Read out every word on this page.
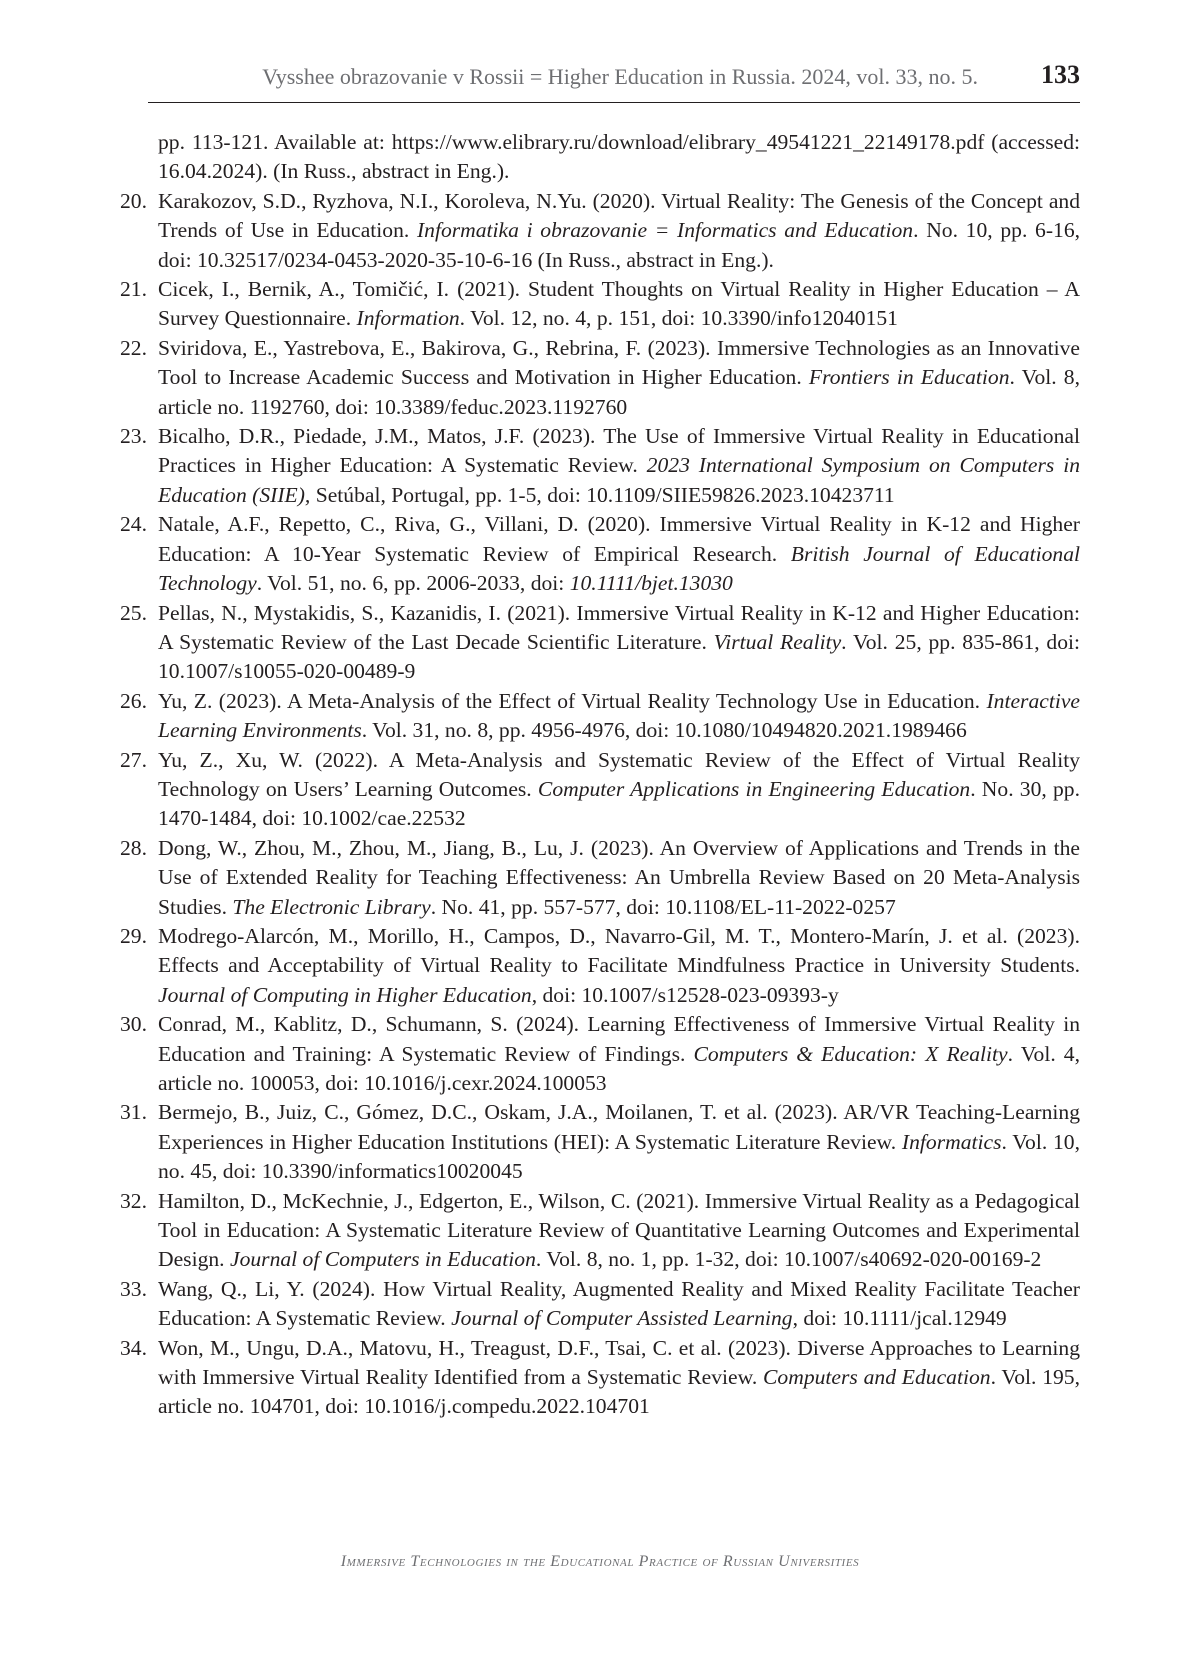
Vysshee obrazovanie v Rossii = Higher Education in Russia. 2024, vol. 33, no. 5. 133

pp. 113-121. Available at: https://www.elibrary.ru/download/elibrary_49541221_22149178.pdf (accessed: 16.04.2024). (In Russ., abstract in Eng.).

20. Karakozov, S.D., Ryzhova, N.I., Koroleva, N.Yu. (2020). Virtual Reality: The Genesis of the Concept and Trends of Use in Education. Informatika i obrazovanie = Informatics and Education. No. 10, pp. 6-16, doi: 10.32517/0234-0453-2020-35-10-6-16 (In Russ., abstract in Eng.).
21. Cicek, I., Bernik, A., Tomičić, I. (2021). Student Thoughts on Virtual Reality in Higher Education – A Survey Questionnaire. Information. Vol. 12, no. 4, p. 151, doi: 10.3390/info12040151
22. Sviridova, E., Yastrebova, E., Bakirova, G., Rebrina, F. (2023). Immersive Technologies as an Innovative Tool to Increase Academic Success and Motivation in Higher Education. Frontiers in Education. Vol. 8, article no. 1192760, doi: 10.3389/feduc.2023.1192760
23. Bicalho, D.R., Piedade, J.M., Matos, J.F. (2023). The Use of Immersive Virtual Reality in Educational Practices in Higher Education: A Systematic Review. 2023 International Symposium on Computers in Education (SIIE), Setúbal, Portugal, pp. 1-5, doi: 10.1109/SIIE59826.2023.10423711
24. Natale, A.F., Repetto, C., Riva, G., Villani, D. (2020). Immersive Virtual Reality in K-12 and Higher Education: A 10-Year Systematic Review of Empirical Research. British Journal of Educational Technology. Vol. 51, no. 6, pp. 2006-2033, doi: 10.1111/bjet.13030
25. Pellas, N., Mystakidis, S., Kazanidis, I. (2021). Immersive Virtual Reality in K-12 and Higher Education: A Systematic Review of the Last Decade Scientific Literature. Virtual Reality. Vol. 25, pp. 835-861, doi: 10.1007/s10055-020-00489-9
26. Yu, Z. (2023). A Meta-Analysis of the Effect of Virtual Reality Technology Use in Education. Interactive Learning Environments. Vol. 31, no. 8, pp. 4956-4976, doi: 10.1080/10494820.2021.1989466
27. Yu, Z., Xu, W. (2022). A Meta-Analysis and Systematic Review of the Effect of Virtual Reality Technology on Users’ Learning Outcomes. Computer Applications in Engineering Education. No. 30, pp. 1470-1484, doi: 10.1002/cae.22532
28. Dong, W., Zhou, M., Zhou, M., Jiang, B., Lu, J. (2023). An Overview of Applications and Trends in the Use of Extended Reality for Teaching Effectiveness: An Umbrella Review Based on 20 Meta-Analysis Studies. The Electronic Library. No. 41, pp. 557-577, doi: 10.1108/EL-11-2022-0257
29. Modrego-Alarcón, M., Morillo, H., Campos, D., Navarro-Gil, M. T., Montero-Marín, J. et al. (2023). Effects and Acceptability of Virtual Reality to Facilitate Mindfulness Practice in University Students. Journal of Computing in Higher Education, doi: 10.1007/s12528-023-09393-y
30. Conrad, M., Kablitz, D., Schumann, S. (2024). Learning Effectiveness of Immersive Virtual Reality in Education and Training: A Systematic Review of Findings. Computers & Education: X Reality. Vol. 4, article no. 100053, doi: 10.1016/j.cexr.2024.100053
31. Bermejo, B., Juiz, C., Gómez, D.C., Oskam, J.A., Moilanen, T. et al. (2023). AR/VR Teaching-Learning Experiences in Higher Education Institutions (HEI): A Systematic Literature Review. Informatics. Vol. 10, no. 45, doi: 10.3390/informatics10020045
32. Hamilton, D., McKechnie, J., Edgerton, E., Wilson, C. (2021). Immersive Virtual Reality as a Pedagogical Tool in Education: A Systematic Literature Review of Quantitative Learning Outcomes and Experimental Design. Journal of Computers in Education. Vol. 8, no. 1, pp. 1-32, doi: 10.1007/s40692-020-00169-2
33. Wang, Q., Li, Y. (2024). How Virtual Reality, Augmented Reality and Mixed Reality Facilitate Teacher Education: A Systematic Review. Journal of Computer Assisted Learning, doi: 10.1111/jcal.12949
34. Won, M., Ungu, D.A., Matovu, H., Treagust, D.F., Tsai, C. et al. (2023). Diverse Approaches to Learning with Immersive Virtual Reality Identified from a Systematic Review. Computers and Education. Vol. 195, article no. 104701, doi: 10.1016/j.compedu.2022.104701
Immersive Technologies in the Educational Practice of Russian Universities
